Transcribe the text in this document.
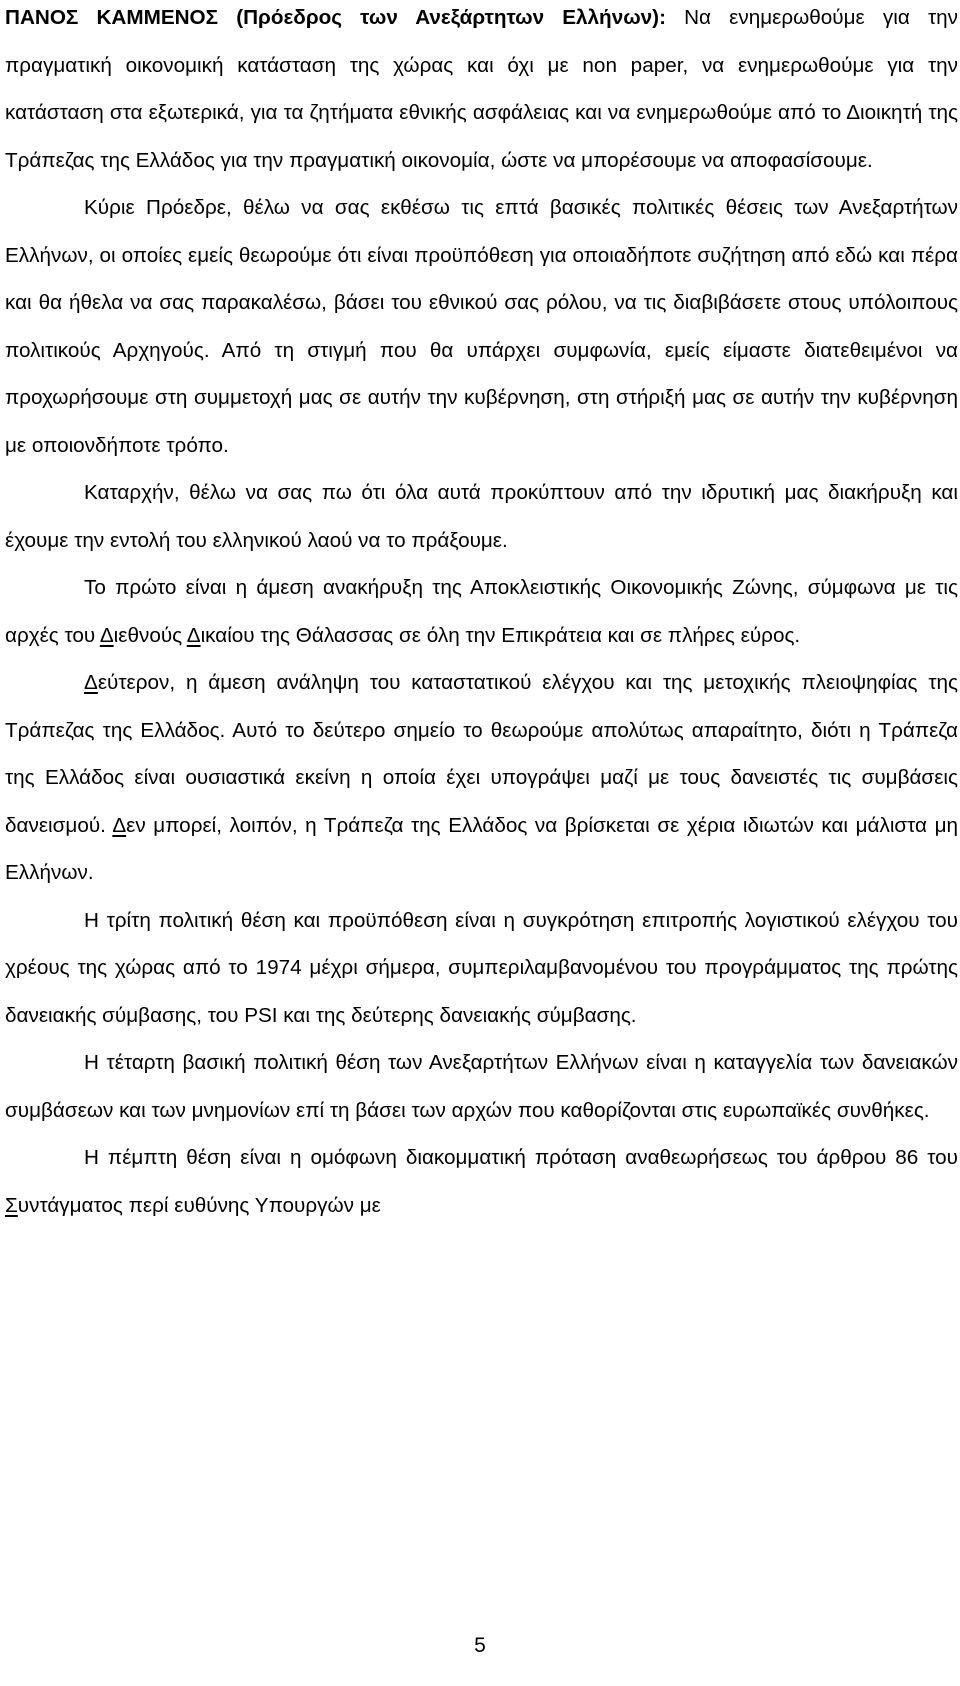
ΠΑΝΟΣ ΚΑΜΜΕΝΟΣ (Πρόεδρος των Ανεξάρτητων Ελλήνων): Να ενημερωθούμε για την πραγματική οικονομική κατάσταση της χώρας και όχι με non paper, να ενημερωθούμε για την κατάσταση στα εξωτερικά, για τα ζητήματα εθνικής ασφάλειας και να ενημερωθούμε από το Διοικητή της Τράπεζας της Ελλάδος για την πραγματική οικονομία, ώστε να μπορέσουμε να αποφασίσουμε.

Κύριε Πρόεδρε, θέλω να σας εκθέσω τις επτά βασικές πολιτικές θέσεις των Ανεξαρτήτων Ελλήνων, οι οποίες εμείς θεωρούμε ότι είναι προϋπόθεση για οποιαδήποτε συζήτηση από εδώ και πέρα και θα ήθελα να σας παρακαλέσω, βάσει του εθνικού σας ρόλου, να τις διαβιβάσετε στους υπόλοιπους πολιτικούς Αρχηγούς. Από τη στιγμή που θα υπάρχει συμφωνία, εμείς είμαστε διατεθειμένοι να προχωρήσουμε στη συμμετοχή μας σε αυτήν την κυβέρνηση, στη στήριξή μας σε αυτήν την κυβέρνηση με οποιονδήποτε τρόπο.

Καταρχήν, θέλω να σας πω ότι όλα αυτά προκύπτουν από την ιδρυτική μας διακήρυξη και έχουμε την εντολή του ελληνικού λαού να το πράξουμε.

Το πρώτο είναι η άμεση ανακήρυξη της Αποκλειστικής Οικονομικής Ζώνης, σύμφωνα με τις αρχές του Διεθνούς Δικαίου της Θάλασσας σε όλη την Επικράτεια και σε πλήρες εύρος.

Δεύτερον, η άμεση ανάληψη του καταστατικού ελέγχου και της μετοχικής πλειοψηφίας της Τράπεζας της Ελλάδος. Αυτό το δεύτερο σημείο το θεωρούμε απολύτως απαραίτητο, διότι η Τράπεζα της Ελλάδος είναι ουσιαστικά εκείνη η οποία έχει υπογράψει μαζί με τους δανειστές τις συμβάσεις δανεισμού. Δεν μπορεί, λοιπόν, η Τράπεζα της Ελλάδος να βρίσκεται σε χέρια ιδιωτών και μάλιστα μη Ελλήνων.

Η τρίτη πολιτική θέση και προϋπόθεση είναι η συγκρότηση επιτροπής λογιστικού ελέγχου του χρέους της χώρας από το 1974 μέχρι σήμερα, συμπεριλαμβανομένου του προγράμματος της πρώτης δανειακής σύμβασης, του PSI και της δεύτερης δανειακής σύμβασης.

Η τέταρτη βασική πολιτική θέση των Ανεξαρτήτων Ελλήνων είναι η καταγγελία των δανειακών συμβάσεων και των μνημονίων επί τη βάσει των αρχών που καθορίζονται στις ευρωπαϊκές συνθήκες.

Η πέμπτη θέση είναι η ομόφωνη διακομματική πρόταση αναθεωρήσεως του άρθρου 86 του Συντάγματος περί ευθύνης Υπουργών με

5
